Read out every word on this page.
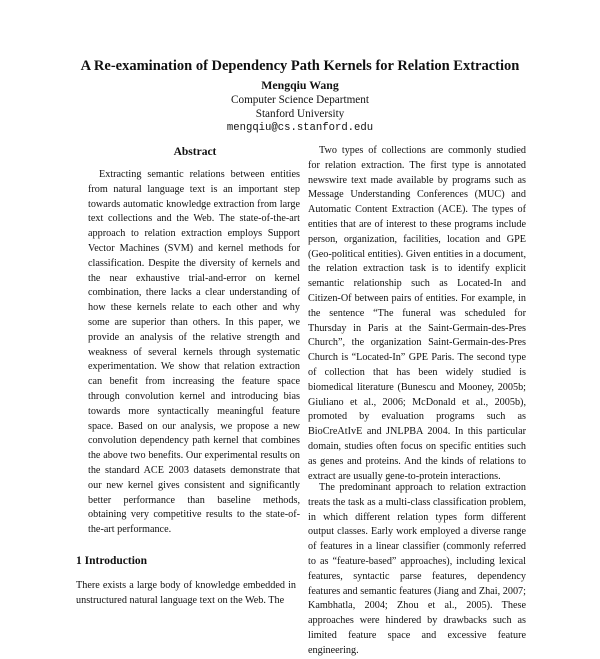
A Re-examination of Dependency Path Kernels for Relation Extraction
Mengqiu Wang
Computer Science Department
Stanford University
mengqiu@cs.stanford.edu
Abstract

Extracting semantic relations between entities from natural language text is an important step towards automatic knowledge extraction from large text collections and the Web. The state-of-the-art approach to relation extraction employs Support Vector Machines (SVM) and kernel methods for classification. Despite the diversity of kernels and the near exhaustive trial-and-error on kernel combination, there lacks a clear understanding of how these kernels relate to each other and why some are superior than others. In this paper, we provide an analysis of the relative strength and weakness of several kernels through systematic experimentation. We show that relation extraction can benefit from increasing the feature space through convolution kernel and introducing bias towards more syntactically meaningful feature space. Based on our analysis, we propose a new convolution dependency path kernel that combines the above two benefits. Our experimental results on the standard ACE 2003 datasets demonstrate that our new kernel gives consistent and significantly better performance than baseline methods, obtaining very competitive results to the state-of-the-art performance.

1 Introduction

There exists a large body of knowledge embedded in unstructured natural language text on the Web. The

Two types of collections are commonly studied for relation extraction. The first type is annotated newswire text made available by programs such as Message Understanding Conferences (MUC) and Automatic Content Extraction (ACE). The types of entities that are of interest to these programs include person, organization, facilities, location and GPE (Geo-political entities). Given entities in a document, the relation extraction task is to identify explicit semantic relationship such as Located-In and Citizen-Of between pairs of entities. For example, in the sentence “The funeral was scheduled for Thursday in Paris at the Saint-Germain-des-Pres Church”, the organization Saint-Germain-des-Pres Church is “Located-In” GPE Paris. The second type of collection that has been widely studied is biomedical literature (Bunescu and Mooney, 2005b; Giuliano et al., 2006; McDonald et al., 2005b), promoted by evaluation programs such as BioCreAtIvE and JNLPBA 2004. In this particular domain, studies often focus on specific entities such as genes and proteins. And the kinds of relations to extract are usually gene-to-protein interactions.

The predominant approach to relation extraction treats the task as a multi-class classification problem, in which different relation types form different output classes. Early work employed a diverse range of features in a linear classifier (commonly referred to as “feature-based” approaches), including lexical features, syntactic parse features, dependency features and semantic features (Jiang and Zhai, 2007; Kambhatla, 2004; Zhou et al., 2005). These approaches were hindered by drawbacks such as limited feature space and excessive feature engineering.
